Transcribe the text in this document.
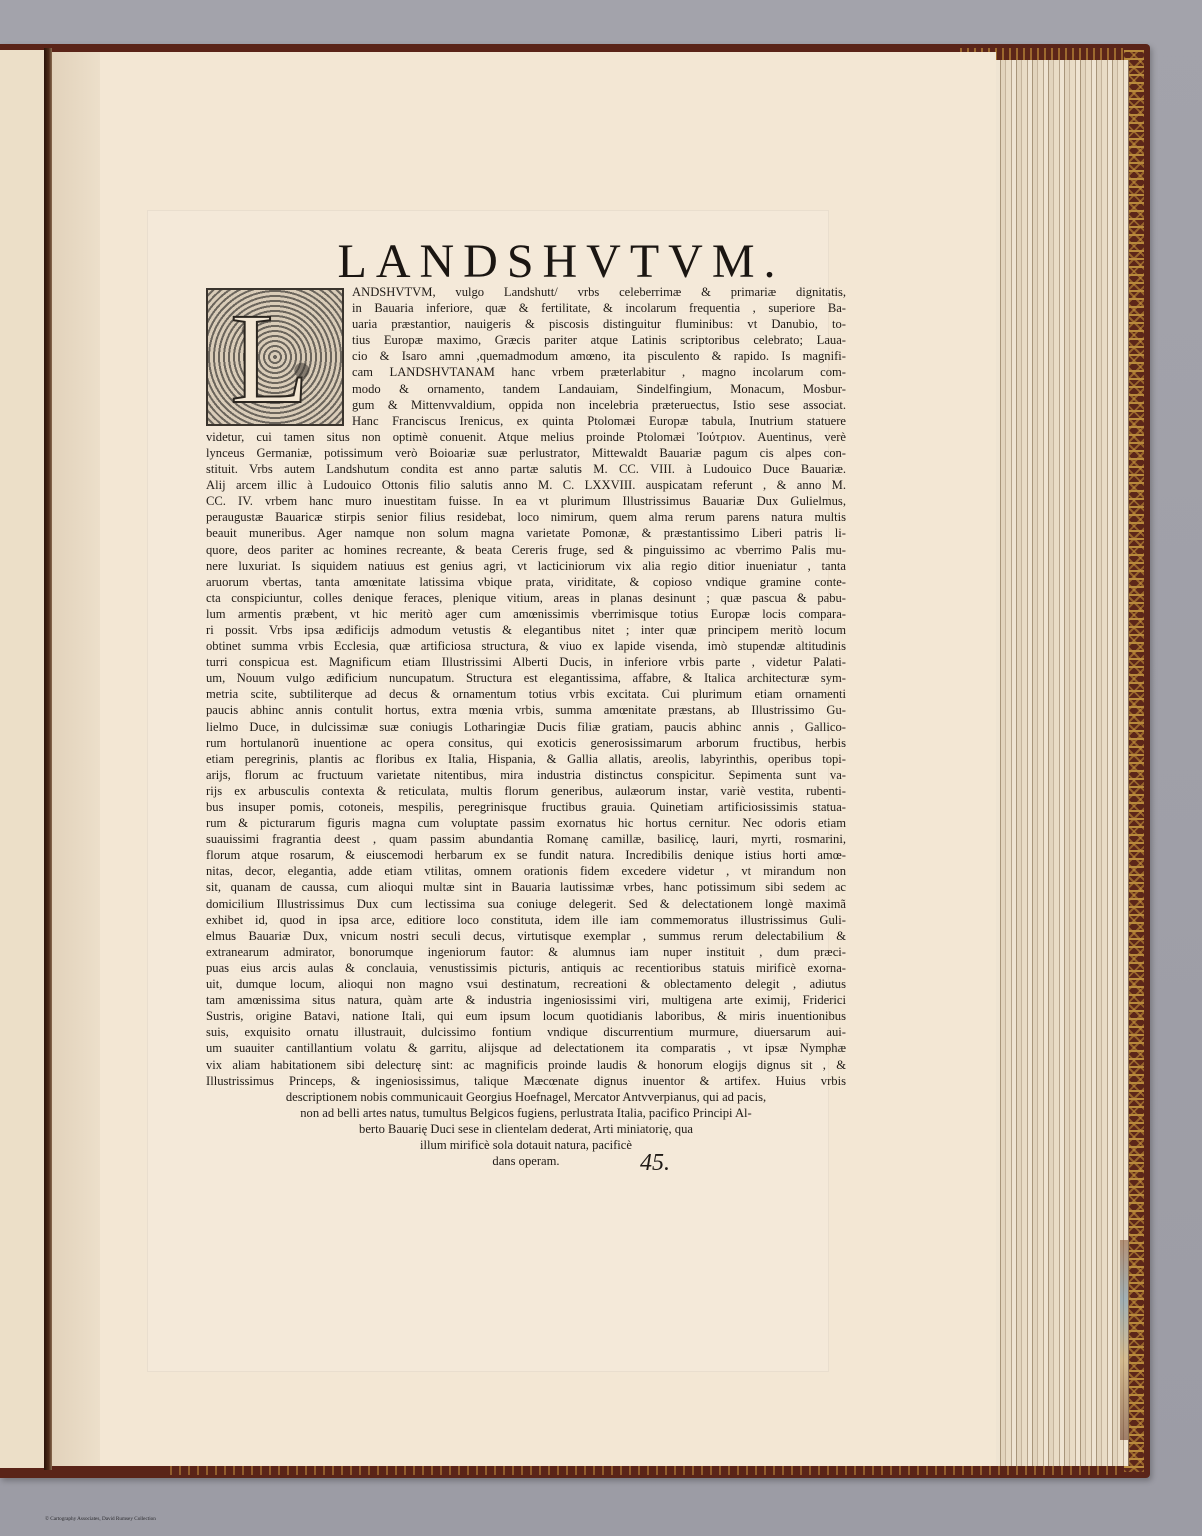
LANDSHVTVM.
L	ANDSHVTVM, vulgo Landshutt/ vrbs celeberrimæ & primariæ dignitatis,
in Bauaria inferiore, quæ & fertilitate, & incolarum frequentia , superiore Ba-
uaria præstantior, nauigeris & piscosis distinguitur fluminibus: vt Danubio, to-
tius Europæ maximo, Græcis pariter atque Latinis scriptoribus celebrato; Laua-
cio & Isaro amni ,quemadmodum amœno, ita pisculento & rapido. Is magnifi-
cam LANDSHVTANAM hanc vrbem præterlabitur , magno incolarum com-
modo & ornamento, tandem Landauiam, Sindelfingium, Monacum, Mosbur-
gum & Mittenvvaldium, oppida non incelebria præteruectus, Istio sese associat.
Hanc Franciscus Irenicus, ex quinta Ptolomæi Europæ tabula, Inutrium statuere
videtur, cui tamen situs non optimè conuenit. Atque melius proinde Ptolomæi Ἰούτριον. Auentinus, verè
lynceus Germaniæ, potissimum verò Boioariæ suæ perlustrator, Mittewaldt Bauariæ pagum cis alpes con-
stituit. Vrbs autem Landshutum condita est anno partæ salutis M. CC. VIII. à Ludouico Duce Bauariæ.
Alij arcem illic à Ludouico Ottonis filio salutis anno M. C. LXXVIII. auspicatam referunt , & anno M.
CC. IV. vrbem hanc muro inuestitam fuisse. In ea vt plurimum Illustrissimus Bauariæ Dux Gulielmus,
peraugustæ Bauaricæ stirpis senior filius residebat, loco nimirum, quem alma rerum parens natura multis
beauit muneribus. Ager namque non solum magna varietate Pomonæ, & præstantissimo Liberi patris li-
quore, deos pariter ac homines recreante, & beata Cereris fruge, sed & pinguissimo ac vberrimo Palis mu-
nere luxuriat. Is siquidem natiuus est genius agri, vt lacticiniorum vix alia regio ditior inueniatur , tanta
aruorum vbertas, tanta amœnitate latissima vbique prata, viriditate, & copioso vndique gramine conte-
cta conspiciuntur, colles denique feraces, plenique vitium, areas in planas desinunt ; quæ pascua & pabu-
lum armentis præbent, vt hic meritò ager cum amœnissimis vberrimisque totius Europæ locis compara-
ri possit. Vrbs ipsa ædificijs admodum vetustis & elegantibus nitet ; inter quæ principem meritò locum
obtinet summa vrbis Ecclesia, quæ artificiosa structura, & viuo ex lapide visenda, imò stupendæ altitudinis
turri conspicua est. Magnificum etiam Illustrissimi Alberti Ducis, in inferiore vrbis parte , videtur Palati-
um, Nouum vulgo ædificium nuncupatum. Structura est elegantissima, affabre, & Italica architecturæ sym-
metria scite, subtiliterque ad decus & ornamentum totius vrbis excitata. Cui plurimum etiam ornamenti
paucis abhinc annis contulit hortus, extra mœnia vrbis, summa amœnitate præstans, ab Illustrissimo Gu-
lielmo Duce, in dulcissimæ suæ coniugis Lotharingiæ Ducis filiæ gratiam, paucis abhinc annis , Gallico-
rum hortulanorũ inuentione ac opera consitus, qui exoticis generosissimarum arborum fructibus, herbis
etiam peregrinis, plantis ac floribus ex Italia, Hispania, & Gallia allatis, areolis, labyrinthis, operibus topi-
arijs, florum ac fructuum varietate nitentibus, mira industria distinctus conspicitur. Sepimenta sunt va-
rijs ex arbusculis contexta & reticulata, multis florum generibus, aulæorum instar, variè vestita, rubenti-
bus insuper pomis, cotoneis, mespilis, peregrinisque fructibus grauia. Quinetiam artificiosissimis statua-
rum & picturarum figuris magna cum voluptate passim exornatus hic hortus cernitur. Nec odoris etiam
suauissimi fragrantia deest , quam passim abundantia Romanę camillæ, basilicę, lauri, myrti, rosmarini,
florum atque rosarum, & eiuscemodi herbarum ex se fundit natura. Incredibilis denique istius horti amœ-
nitas, decor, elegantia, adde etiam vtilitas, omnem orationis fidem excedere videtur , vt mirandum non
sit, quanam de caussa, cum alioqui multæ sint in Bauaria lautissimæ vrbes, hanc potissimum sibi sedem ac
domicilium Illustrissimus Dux cum lectissima sua coniuge delegerit. Sed & delectationem longè maximã
exhibet id, quod in ipsa arce, editiore loco constituta, idem ille iam commemoratus illustrissimus Guli-
elmus Bauariæ Dux, vnicum nostri seculi decus, virtutisque exemplar , summus rerum delectabilium &
extranearum admirator, bonorumque ingeniorum fautor: & alumnus iam nuper instituit , dum præci-
puas eius arcis aulas & conclauia, venustissimis picturis, antiquis ac recentioribus statuis mirificè exorna-
uit, dumque locum, alioqui non magno vsui destinatum, recreationi & oblectamento delegit , adiutus
tam amœnissima situs natura, quàm arte & industria ingeniosissimi viri, multigena arte eximij, Friderici
Sustris, origine Batavi, natione Itali, qui eum ipsum locum quotidianis laboribus, & miris inuentionibus
suis, exquisito ornatu illustrauit, dulcissimo fontium vndique discurrentium murmure, diuersarum aui-
um suauiter cantillantium volatu & garritu, alijsque ad delectationem ita comparatis , vt ipsæ Nymphæ
vix aliam habitationem sibi delecturę sint: ac magnificis proinde laudis & honorum elogijs dignus sit , &
Illustrissimus Princeps, & ingeniosissimus, talique Mæcœnate dignus inuentor & artifex. Huius vrbis

descriptionem nobis communicauit Georgius Hoefnagel, Mercator Antvverpianus, qui ad pacis,
non ad belli artes natus, tumultus Belgicos fugiens, perlustrata Italia, pacifico Principi Al-
berto Bauarię Duci sese in clientelam dederat, Arti miniatorię, qua
illum mirificè sola dotauit natura, pacificè
dans operam.	45.
© Cartography Associates, David Rumsey Collection
